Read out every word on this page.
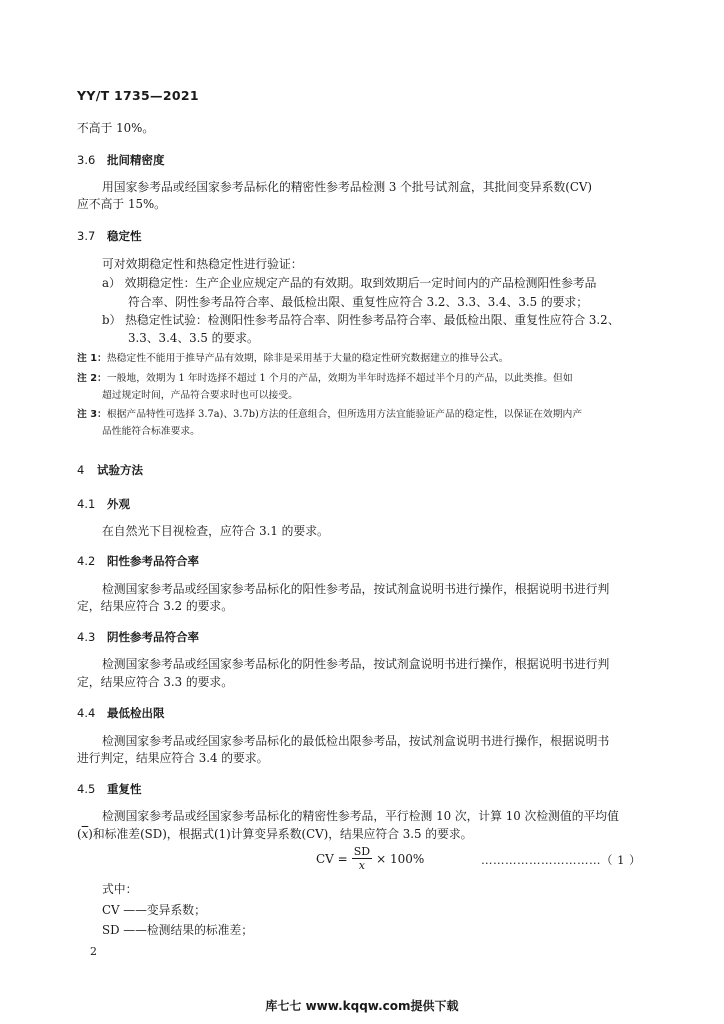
YY/T 1735—2021
不高于 10%。
3.6 批间精密度
用国家参考品或经国家参考品标化的精密性参考品检测 3 个批号试剂盒，其批间变异系数(CV)
应不高于 15%。
3.7 稳定性
可对效期稳定性和热稳定性进行验证：
a） 效期稳定性：生产企业应规定产品的有效期。取到效期后一定时间内的产品检测阳性参考品
符合率、阴性参考品符合率、最低检出限、重复性应符合 3.2、3.3、3.4、3.5 的要求；
b） 热稳定性试验：检测阳性参考品符合率、阴性参考品符合率、最低检出限、重复性应符合 3.2、
3.3、3.4、3.5 的要求。
注 1：热稳定性不能用于推导产品有效期，除非是采用基于大量的稳定性研究数据建立的推导公式。
注 2：一般地，效期为 1 年时选择不超过 1 个月的产品，效期为半年时选择不超过半个月的产品，以此类推。但如
超过规定时间，产品符合要求时也可以接受。
注 3：根据产品特性可选择 3.7a)、3.7b)方法的任意组合，但所选用方法宜能验证产品的稳定性，以保证在效期内产
品性能符合标准要求。
4 试验方法
4.1 外观
在自然光下目视检查，应符合 3.1 的要求。
4.2 阳性参考品符合率
检测国家参考品或经国家参考品标化的阳性参考品，按试剂盒说明书进行操作，根据说明书进行判
定，结果应符合 3.2 的要求。
4.3 阴性参考品符合率
检测国家参考品或经国家参考品标化的阴性参考品，按试剂盒说明书进行操作，根据说明书进行判
定，结果应符合 3.3 的要求。
4.4 最低检出限
检测国家参考品或经国家参考品标化的最低检出限参考品，按试剂盒说明书进行操作，根据说明书
进行判定，结果应符合 3.4 的要求。
4.5 重复性
检测国家参考品或经国家参考品标化的精密性参考品，平行检测 10 次，计算 10 次检测值的平均值
$(\overline{x})$和标准差(SD)，根据式(1)计算变异系数(CV)，结果应符合 3.5 的要求。
CV = $\frac{SD}{x} \times 100\%$	…………………………（ 1 ）
式中：
CV ——变异系数；
SD ——检测结果的标准差；
2
库七七 www.kqqw.com提供下载
